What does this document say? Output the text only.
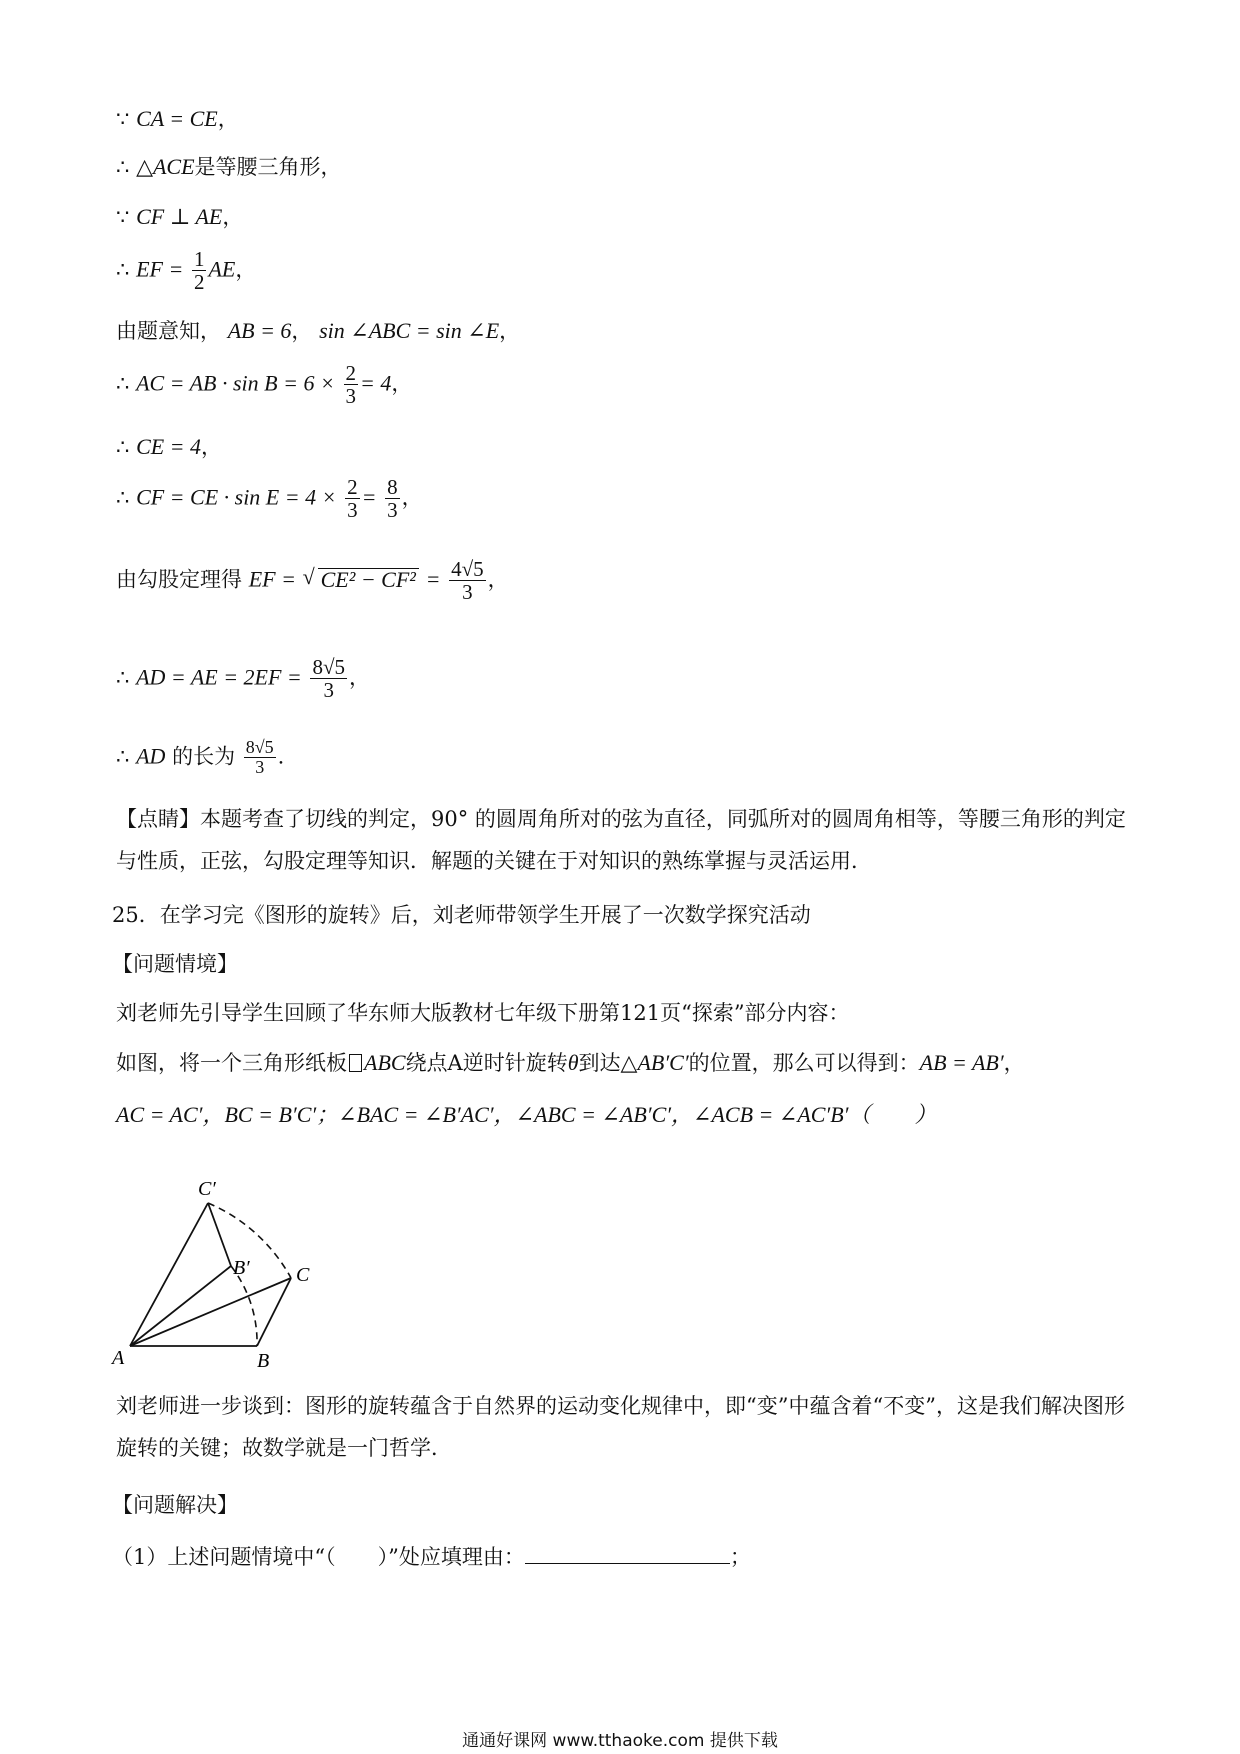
∵ CA = CE，
∴ △ACE是等腰三角形，
∵ CF ⊥ AE，
∴ EF = $\frac{1}{2}$ AE，
由题意知， AB = 6， sin ∠ABC = sin ∠E，
∴ AC = AB · $\sin B = 6 \times \frac{2}{3} = 4$，
∴ CE = 4，
∴ CF = CE · $\sin E = 4 \times \frac{2}{3} = \frac{8}{3}$ ，
由勾股定理得 EF = √ $CE^2 - CF^2 = \frac{4√5}{3}$ ，
∴ AD = AE = $2EF = \frac{8√5}{3}$ ，
∴ AD 的长为 $\frac{8√5}{3}$ .
【点睛】本题考查了切线的判定，90° 的圆周角所对的弦为直径，同弧所对的圆周角相等，等腰三角形的判定与性质，正弦，勾股定理等知识．解题的关键在于对知识的熟练掌握与灵活运用．
25．在学习完《图形的旋转》后，刘老师带领学生开展了一次数学探究活动
【问题情境】
刘老师先引导学生回顾了华东师大版教材七年级下册第121页“探索”部分内容：
如图，将一个三角形纸板 ABC绕点A逆时针旋转θ到达△AB′C′的位置，那么可以得到：AB = AB′，
AC = AC′，BC = B′C′；∠BAC = ∠B′AC′，∠ABC = ∠AB′C′，∠ACB = ∠AC′B′（　　）
C′
B′ C
A	B
刘老师进一步谈到：图形的旋转蕴含于自然界的运动变化规律中，即“变”中蕴含着“不变”，这是我们解决图形旋转的关键；故数学就是一门哲学．
【问题解决】
（1）上述问题情境中“（　　）”处应填理由：	；
通通好课网 www.tthaoke.com 提供下载
